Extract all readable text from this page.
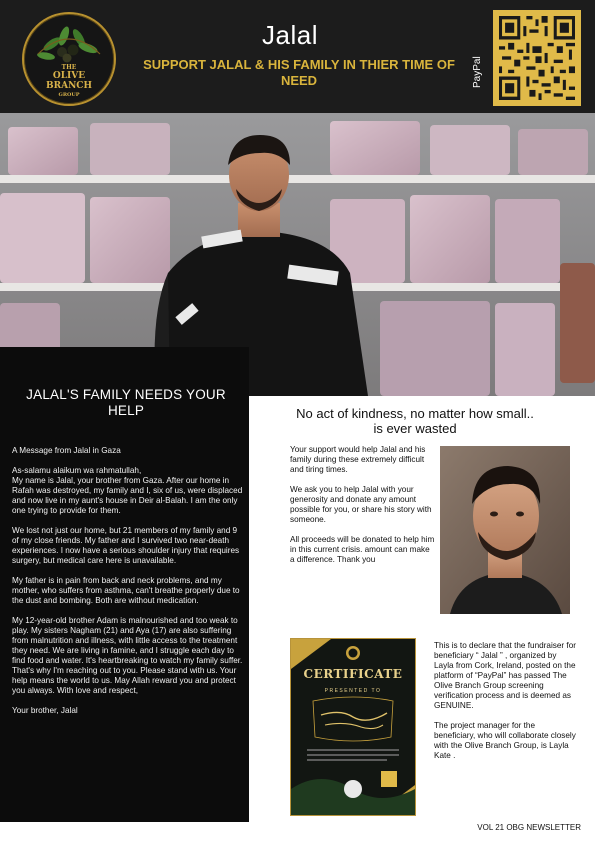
THE
OLIVE
BRANCH
GROUP
Jalal
SUPPORT JALAL & HIS FAMILY IN THIER TIME OF NEED	PayPal
JALAL'S FAMILY NEEDS YOUR HELP

A Message from Jalal in Gaza

As-salamu alaikum wa rahmatullah,
My name is Jalal, your brother from Gaza. After our home in Rafah was destroyed, my family and I, six of us, were displaced and now live in my aunt's house in Deir al-Balah. I am the only one trying to provide for them.

We lost not just our home, but 21 members of my family and 9 of my close friends. My father and I survived two near-death experiences. I now have a serious shoulder injury that requires surgery, but medical care here is unavailable.

My father is in pain from back and neck problems, and my mother, who suffers from asthma, can't breathe properly due to the dust and bombing. Both are without medication.

My 12-year-old brother Adam is malnourished and too weak to play. My sisters Nagham (21) and Aya (17) are also suffering from malnutrition and illness, with little access to the treatment they need. We are living in famine, and I struggle each day to find food and water. It's heartbreaking to watch my family suffer. That's why I'm reaching out to you. Please stand with us. Your help means the world to us. May Allah reward you and protect you always. With love and respect,

Your brother, Jalal

No act of kindness, no matter how small.. is ever wasted

Your support would help Jalal and his family during these extremely difficult and tiring times.

We ask you to help Jalal with your generosity and donate any amount possible for you, or share his story with someone.

All proceeds will be donated to help him in this current crisis. amount can make a difference. Thank you

CERTIFICATE
PRESENTED TO

This is to declare that the fundraiser for beneficiary “ Jalal ” , organized by Layla from Cork, Ireland, posted on the platform of “PayPal” has passed The Olive Branch Group screening verification process and is deemed as GENUINE.

The project manager for the beneficiary, who will collaborate closely with the Olive Branch Group, is Layla Kate .

VOL 21 OBG NEWSLETTER
